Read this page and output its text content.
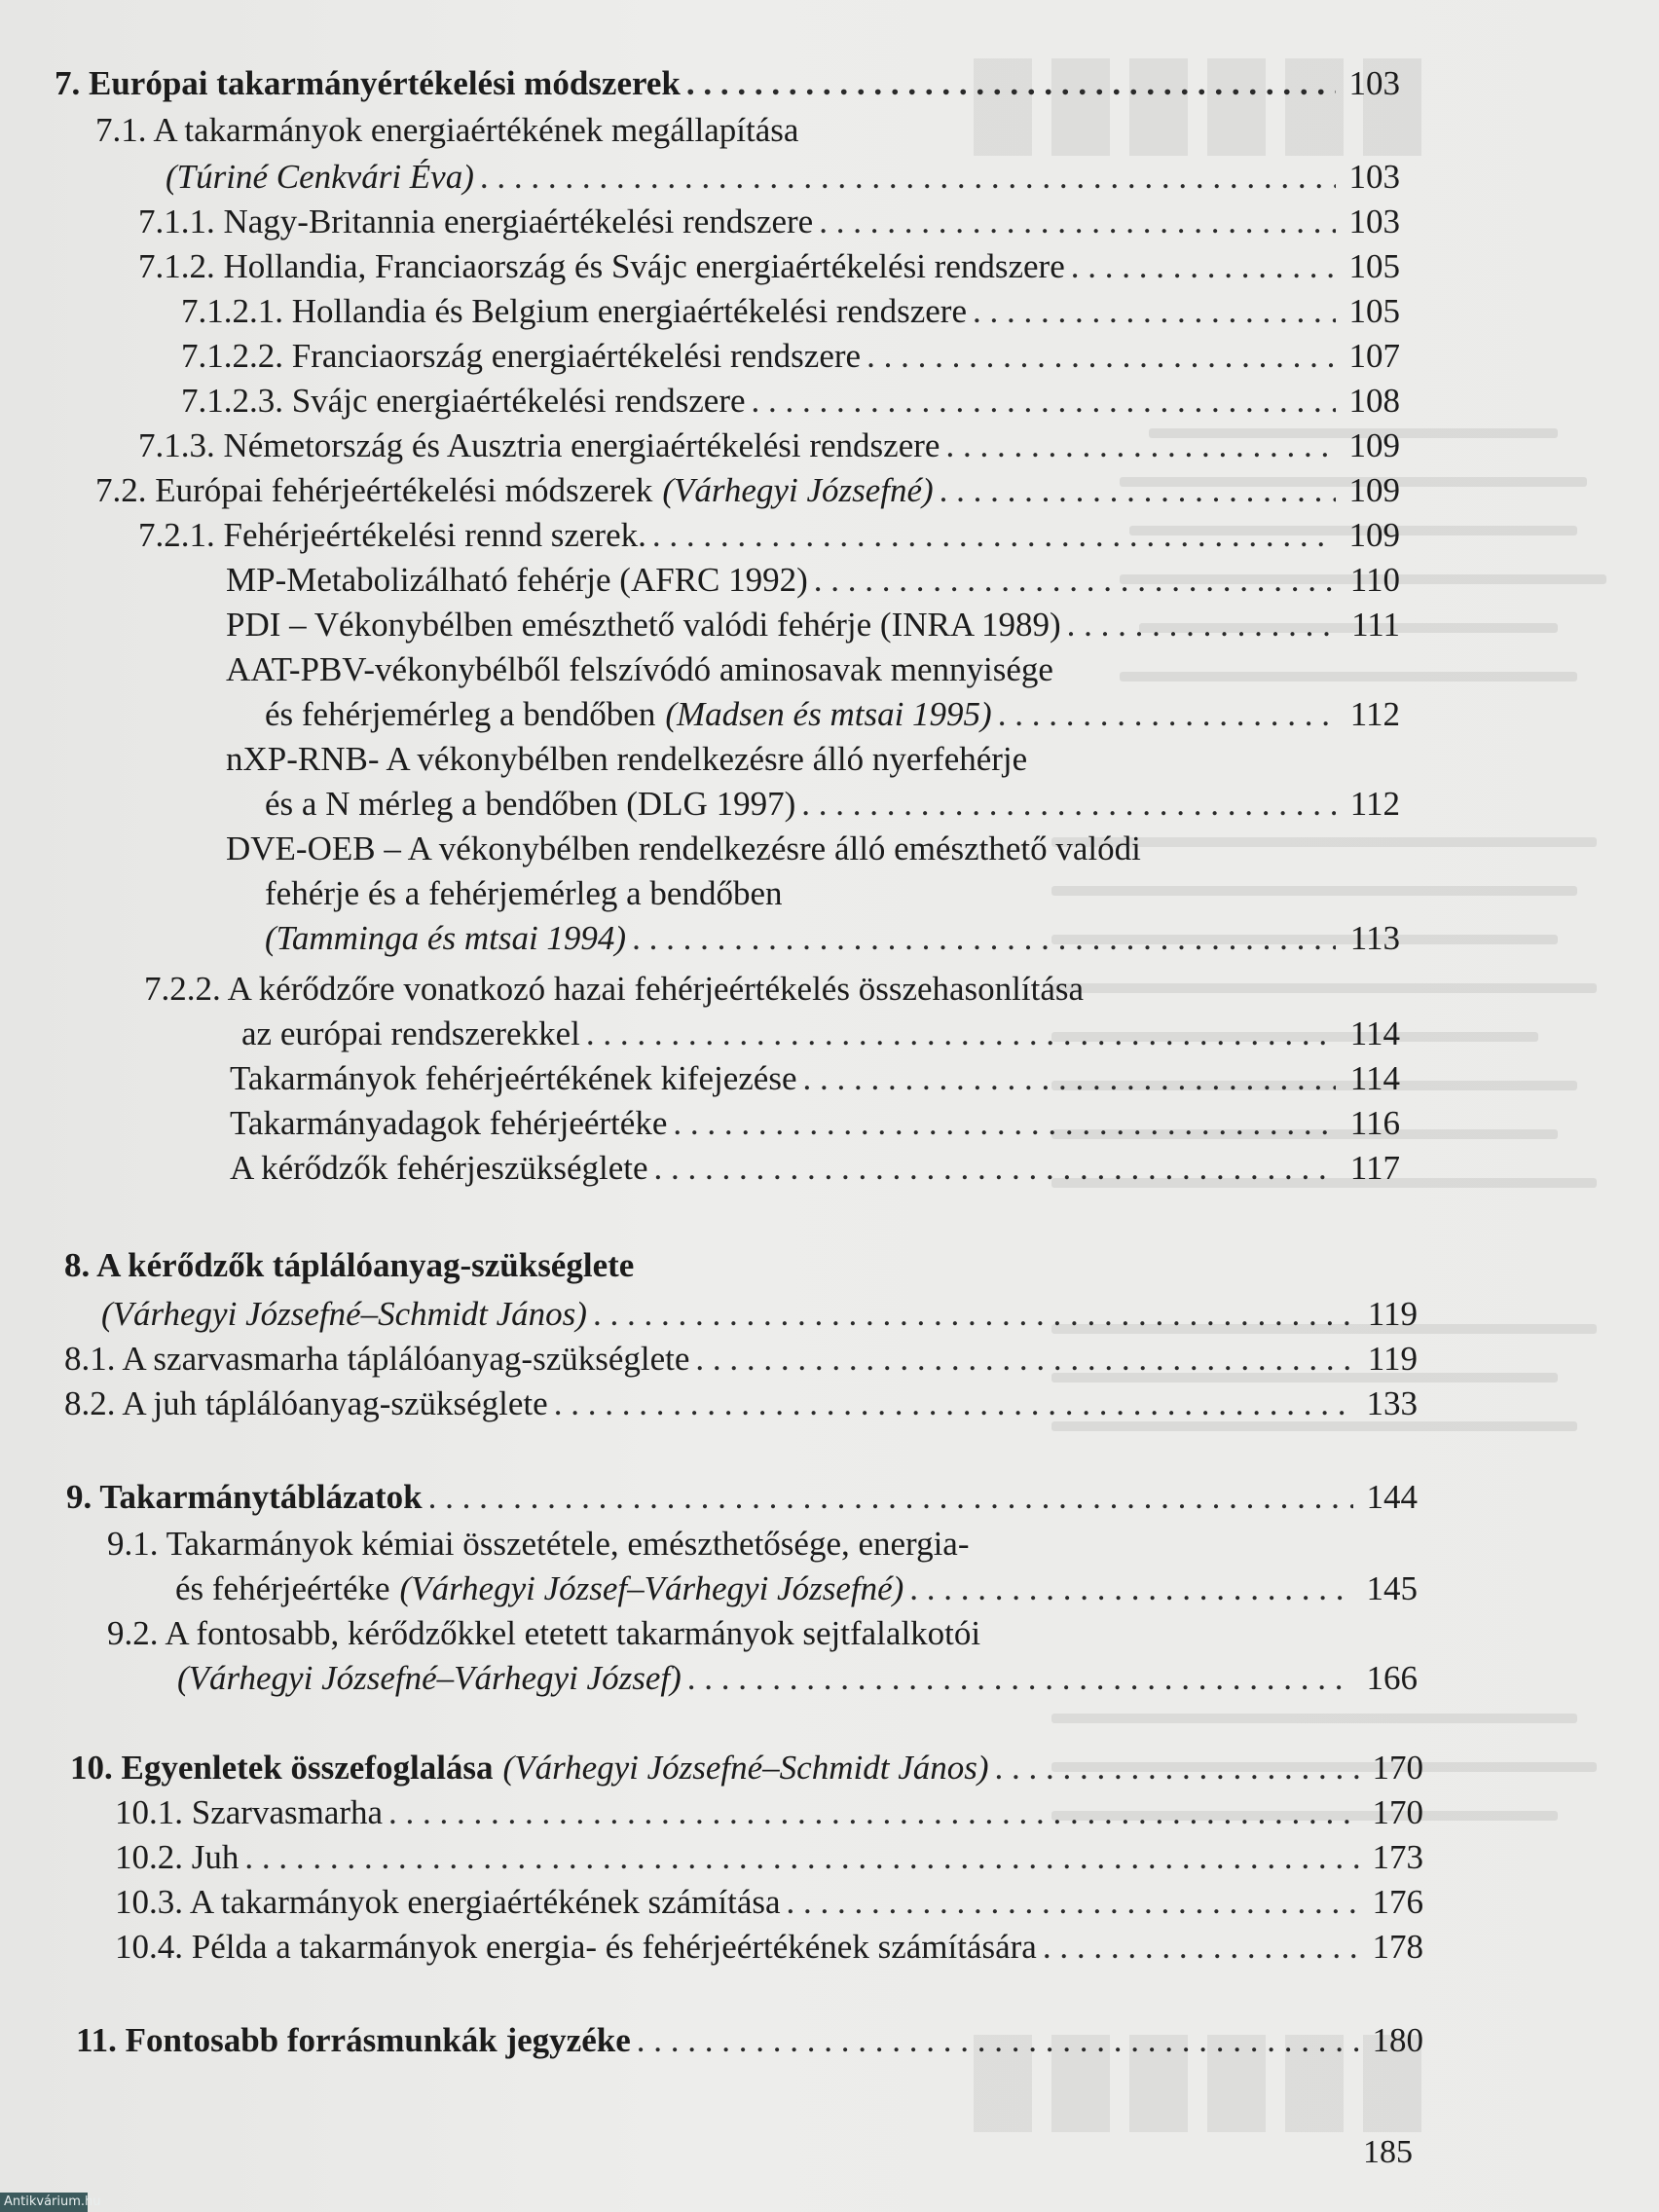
7. Európai takarmányértékelési módszerek . . .	103
7.1. A takarmányok energiaértékének megállapítása
(Túriné Cenkvári Éva) . . .	103
7.1.1. Nagy-Britannia energiaértékelési rendszere . . .	103
7.1.2. Hollandia, Franciaország és Svájc energiaértékelési rendszere . . .	105
7.1.2.1. Hollandia és Belgium energiaértékelési rendszere . . .	105
7.1.2.2. Franciaország energiaértékelési rendszere . . .	107
7.1.2.3. Svájc energiaértékelési rendszere . . .	108
7.1.3. Németország és Ausztria energiaértékelési rendszere . . .	109
7.2. Európai fehérjeértékelési módszerek (Várhegyi Józsefné) . . .	109
7.2.1. Fehérjeértékelési rennd szerek. . . .	109
MP-Metabolizálható fehérje (AFRC 1992) . . .	110
PDI – Vékonybélben emészthető valódi fehérje (INRA 1989) . . .	111
AAT-PBV-vékonybélből felszívódó aminosavak mennyisége
és fehérjemérleg a bendőben (Madsen és mtsai 1995) . . .	112
nXP-RNB- A vékonybélben rendelkezésre álló nyerfehérje
és a N mérleg a bendőben (DLG 1997) . . .	112
DVE-OEB – A vékonybélben rendelkezésre álló emészthető valódi
fehérje és a fehérjemérleg a bendőben
(Tamminga és mtsai 1994) . . .	113
7.2.2. A kérődzőre vonatkozó hazai fehérjeértékelés összehasonlítása
az európai rendszerekkel . . .	114
Takarmányok fehérjeértékének kifejezése . . .	114
Takarmányadagok fehérjeértéke . . .	116
A kérődzők fehérjeszükséglete . . .	117
8. A kérődzők táplálóanyag-szükséglete
(Várhegyi Józsefné–Schmidt János) . . .	119
8.1. A szarvasmarha táplálóanyag-szükséglete . . .	119
8.2. A juh táplálóanyag-szükséglete . . .	133
9. Takarmánytáblázatok . . .	144
9.1. Takarmányok kémiai összetétele, emészthetősége, energia-
és fehérjeértéke (Várhegyi József–Várhegyi Józsefné) . . .	145
9.2. A fontosabb, kérődzőkkel etetett takarmányok sejtfalalkotói
(Várhegyi Józsefné–Várhegyi József) . . .	166
10. Egyenletek összefoglalása (Várhegyi Józsefné–Schmidt János) . . .	170
10.1. Szarvasmarha . . .	170
10.2. Juh . . .	173
10.3. A takarmányok energiaértékének számítása . . .	176
10.4. Példa a takarmányok energia- és fehérjeértékének számítására . . .	178
11. Fontosabb forrásmunkák jegyzéke . . .	180
185
Antikvárium.hu
